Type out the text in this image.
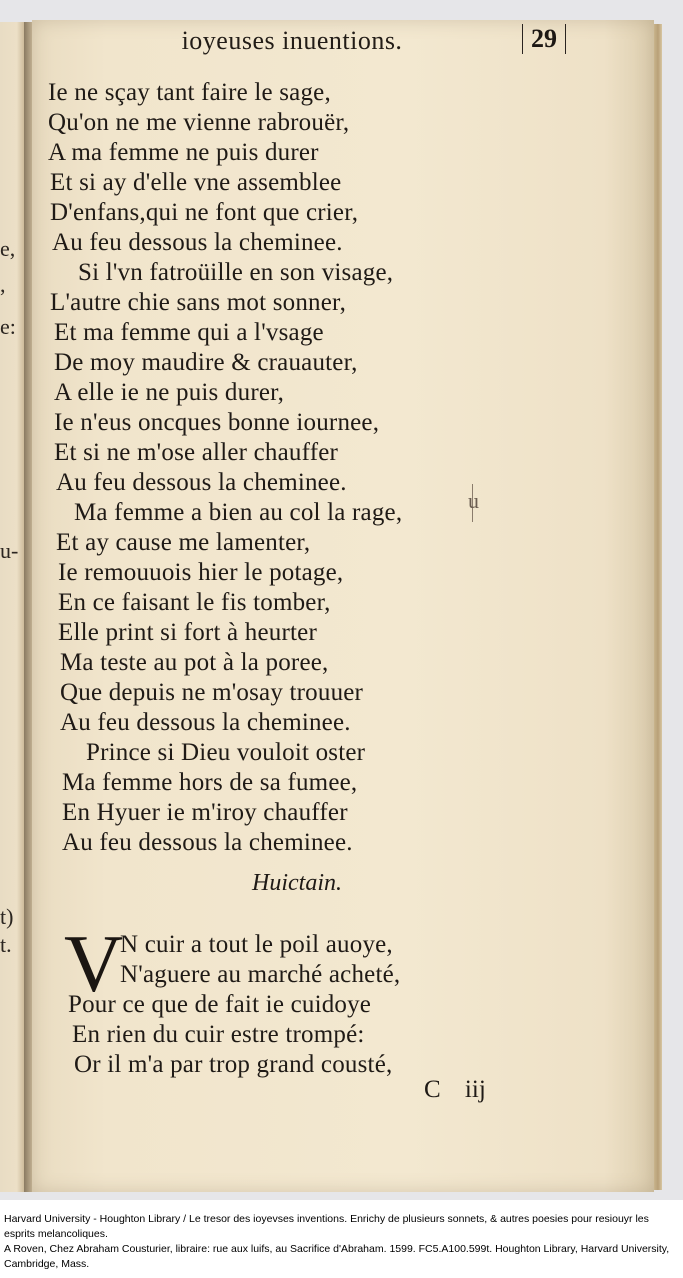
e,
,
e:
u-
t)
t.
ioyeuses inuentions.	29
Ie ne sçay tant faire le sage,
Qu'on ne me vienne rabrouër,
A ma femme ne puis durer
Et si ay d'elle vne assemblee
D'enfans,qui ne font que crier,
Au feu dessous la cheminee.
Si l'vn fatroüille en son visage,
L'autre chie sans mot sonner,
Et ma femme qui a l'vsage
De moy maudire & crauauter,
A elle ie ne puis durer,
Ie n'eus oncques bonne iournee,
Et si ne m'ose aller chauffer
Au feu dessous la cheminee.
Ma femme a bien au col la rage,
Et ay cause me lamenter,
Ie remouuois hier le potage,
En ce faisant le fis tomber,
Elle print si fort à heurter
Ma teste au pot à la poree,
Que depuis ne m'osay trouuer
Au feu dessous la cheminee.
Prince si Dieu vouloit oster
Ma femme hors de sa fumee,
En Hyuer ie m'iroy chauffer
Au feu dessous la cheminee.
u
Huictain.
V
N cuir a tout le poil auoye,
N'aguere au marché acheté,
Pour ce que de fait ie cuidoye
En rien du cuir estre trompé:
Or il m'a par trop grand cousté,
C iij

Harvard University - Houghton Library / Le tresor des ioyevses inventions. Enrichy de plusieurs sonnets, & autres poesies pour resiouyr les esprits melancoliques.

A Roven, Chez Abraham Cousturier, libraire: rue aux luifs, au Sacrifice d'Abraham. 1599. FC5.A100.599t. Houghton Library, Harvard University, Cambridge, Mass.
